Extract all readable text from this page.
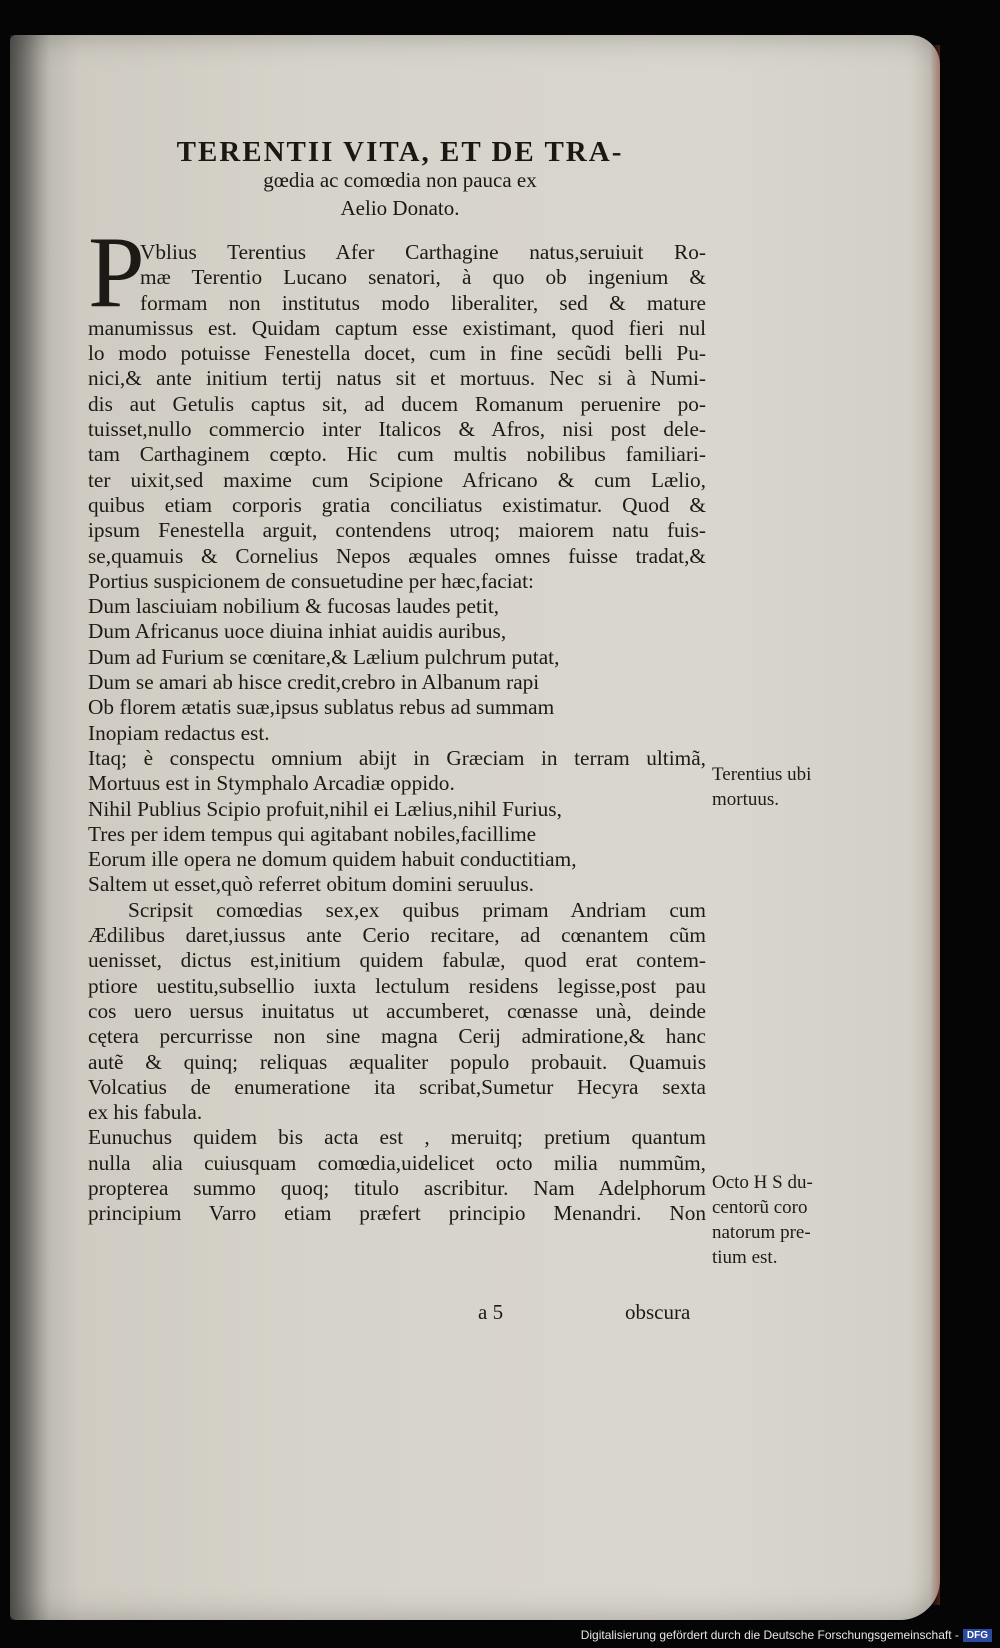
TERENTII VITA, ET DE TRA-
gœdia ac comœdia non pauca ex
Aelio Donato.
P
Vblius Terentius Afer Carthagine natus,seruiuit Ro-
mæ Terentio Lucano senatori, à quo ob ingenium &
formam non institutus modo liberaliter, sed & mature
manumissus est. Quidam captum esse existimant, quod fieri nul
lo modo potuisse Fenestella docet, cum in fine secũdi belli Pu-
nici,& ante initium tertij natus sit et mortuus. Nec si à Numi-
dis aut Getulis captus sit, ad ducem Romanum peruenire po-
tuisset,nullo commercio inter Italicos & Afros, nisi post dele-
tam Carthaginem cœpto. Hic cum multis nobilibus familiari-
ter uixit,sed maxime cum Scipione Africano & cum Lælio,
quibus etiam corporis gratia conciliatus existimatur. Quod &
ipsum Fenestella arguit, contendens utroq; maiorem natu fuis-
se,quamuis & Cornelius Nepos æquales omnes fuisse tradat,&
Portius suspicionem de consuetudine per hæc,faciat:
Dum lasciuiam nobilium & fucosas laudes petit,
Dum Africanus uoce diuina inhiat auidis auribus,
Dum ad Furium se cœnitare,& Lælium pulchrum putat,
Dum se amari ab hisce credit,crebro in Albanum rapi
Ob florem ætatis suæ,ipsus sublatus rebus ad summam
Inopiam redactus est.
Itaq; è conspectu omnium abijt in Græciam in terram ultimã,
Mortuus est in Stymphalo Arcadiæ oppido.
Nihil Publius Scipio profuit,nihil ei Lælius,nihil Furius,
Tres per idem tempus qui agitabant nobiles,facillime
Eorum ille opera ne domum quidem habuit conductitiam,
Saltem ut esset,quò referret obitum domini seruulus.
Scripsit comœdias sex,ex quibus primam Andriam cum
Ædilibus daret,iussus ante Cerio recitare, ad cœnantem cũm
uenisset, dictus est,initium quidem fabulæ, quod erat contem-
ptiore uestitu,subsellio iuxta lectulum residens legisse,post pau
cos uero uersus inuitatus ut accumberet, cœnasse unà, deinde
cętera percurrisse non sine magna Cerij admiratione,& hanc
autẽ & quinq; reliquas æqualiter populo probauit. Quamuis
Volcatius de enumeratione ita scribat,Sumetur Hecyra sexta
ex his fabula.
Eunuchus quidem bis acta est , meruitq; pretium quantum
nulla alia cuiusquam comœdia,uidelicet octo milia nummũm,
propterea summo quoq; titulo ascribitur. Nam Adelphorum
principium Varro etiam præfert principio Menandri. Non
a 5	obscura
Terentius ubi
mortuus.
Octo H S du-
centorũ coro
natorum pre-
tium est.
Digitalisierung gefördert durch die Deutsche Forschungsgemeinschaft - DFG
